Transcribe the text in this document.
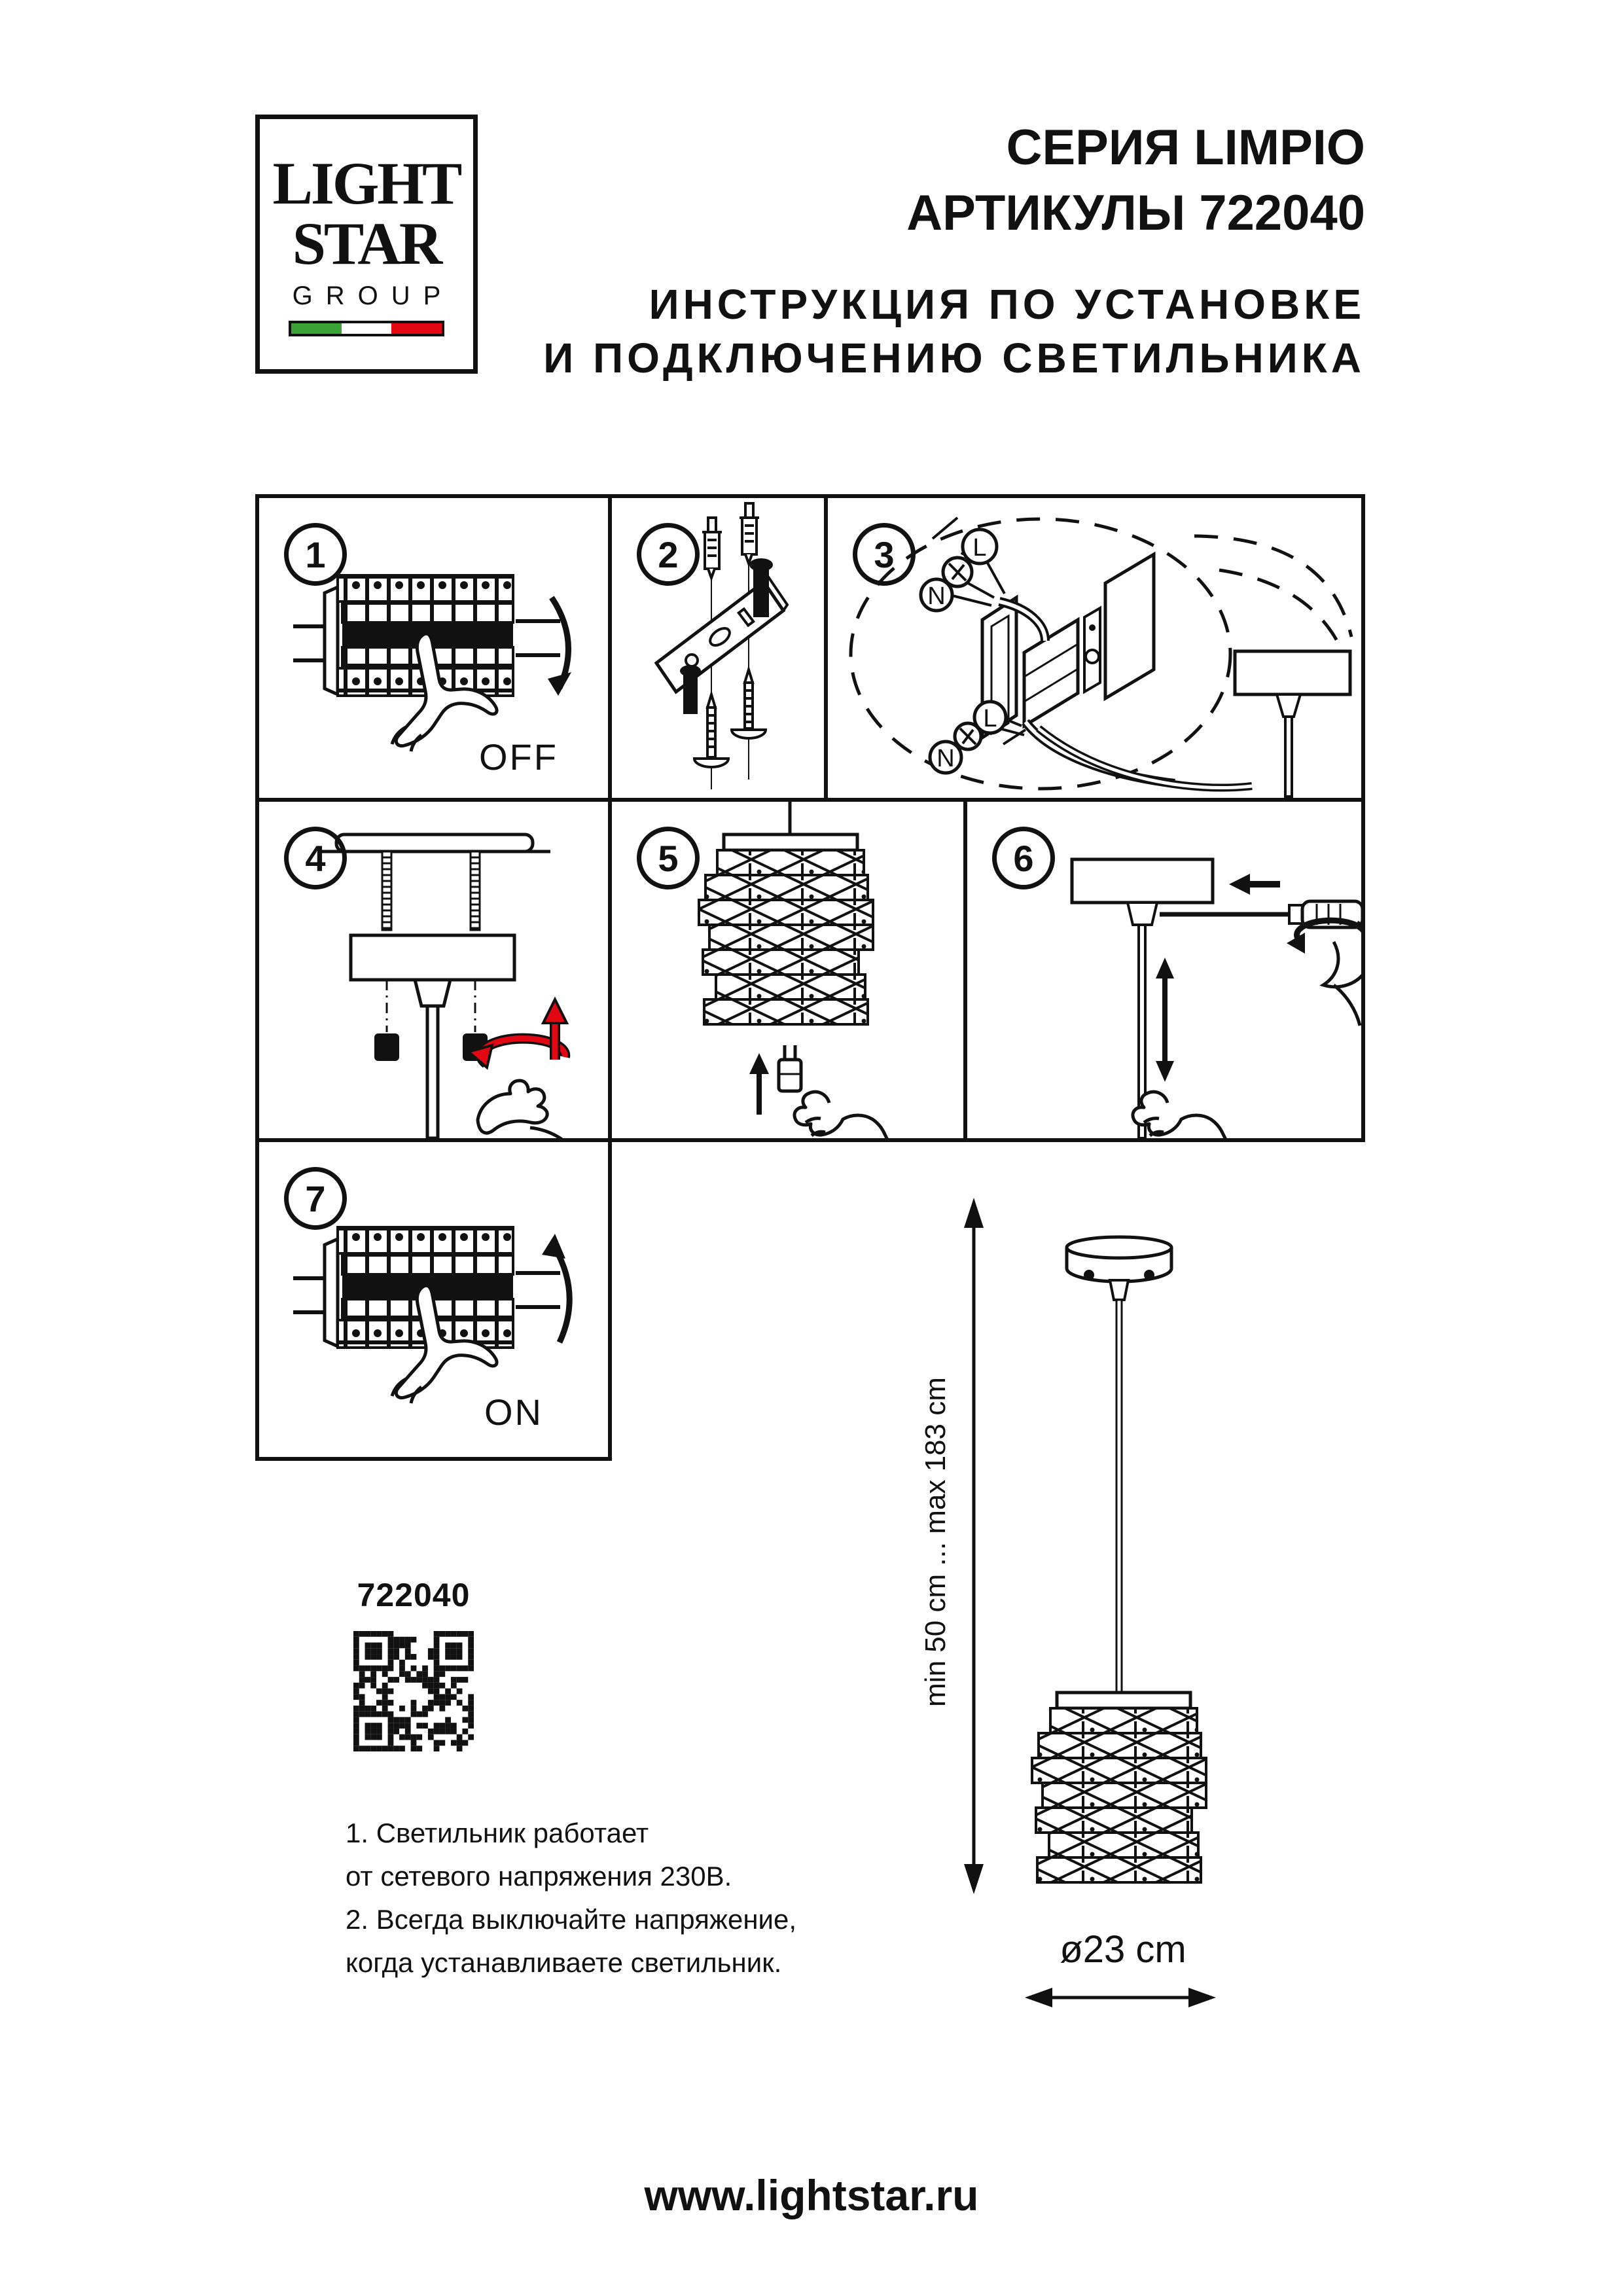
LIGHT
STAR
GROUP
СЕРИЯ LIMPIO
АРТИКУЛЫ 722040
ИНСТРУКЦИЯ ПО УСТАНОВКЕ
И ПОДКЛЮЧЕНИЮ СВЕТИЛЬНИКА
1
OFF
2	3	L
N
N
L
4	5	6
7
ON	min 50 cm ... max 183 cm
ø23 cm
722040
1. Светильник работает
от сетевого напряжения 230В.
2. Всегда выключайте напряжение,
когда устанавливаете светильник.
www.lightstar.ru
